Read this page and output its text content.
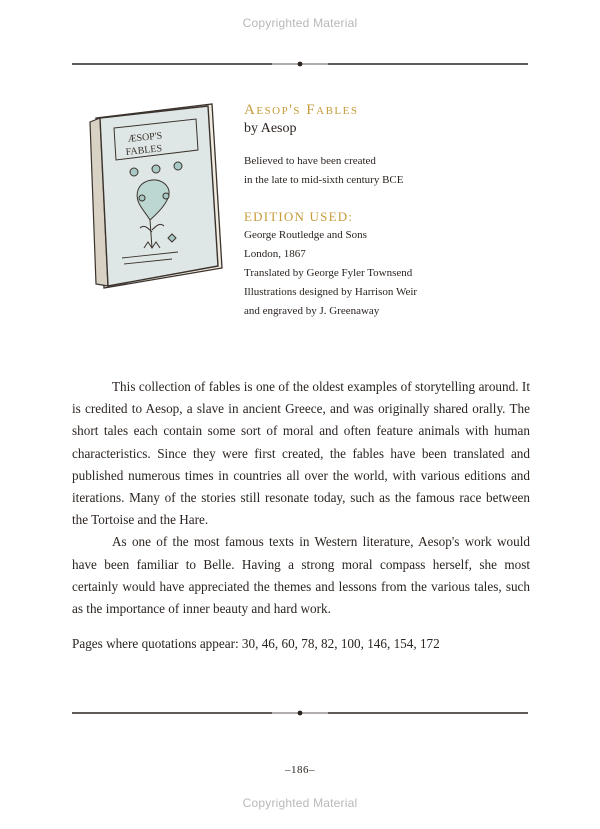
Copyrighted Material
ÆSOP'S
FABLES

Aesop's Fables

by Aesop

Believed to have been created

in the late to mid-sixth century BCE

EDITION USED:

George Routledge and Sons

London, 1867

Translated by George Fyler Townsend

Illustrations designed by Harrison Weir

and engraved by J. Greenaway

This collection of fables is one of the oldest examples of storytelling around. It is credited to Aesop, a slave in ancient Greece, and was originally shared orally. The short tales each contain some sort of moral and often feature animals with human characteristics. Since they were first created, the fables have been translated and published numerous times in countries all over the world, with various editions and iterations. Many of the stories still resonate today, such as the famous race between the Tortoise and the Hare.

As one of the most famous texts in Western literature, Aesop's work would have been familiar to Belle. Having a strong moral compass herself, she most certainly would have appreciated the themes and lessons from the various tales, such as the importance of inner beauty and hard work.

Pages where quotations appear: 30, 46, 60, 78, 82, 100, 146, 154, 172

–186–
Copyrighted Material
